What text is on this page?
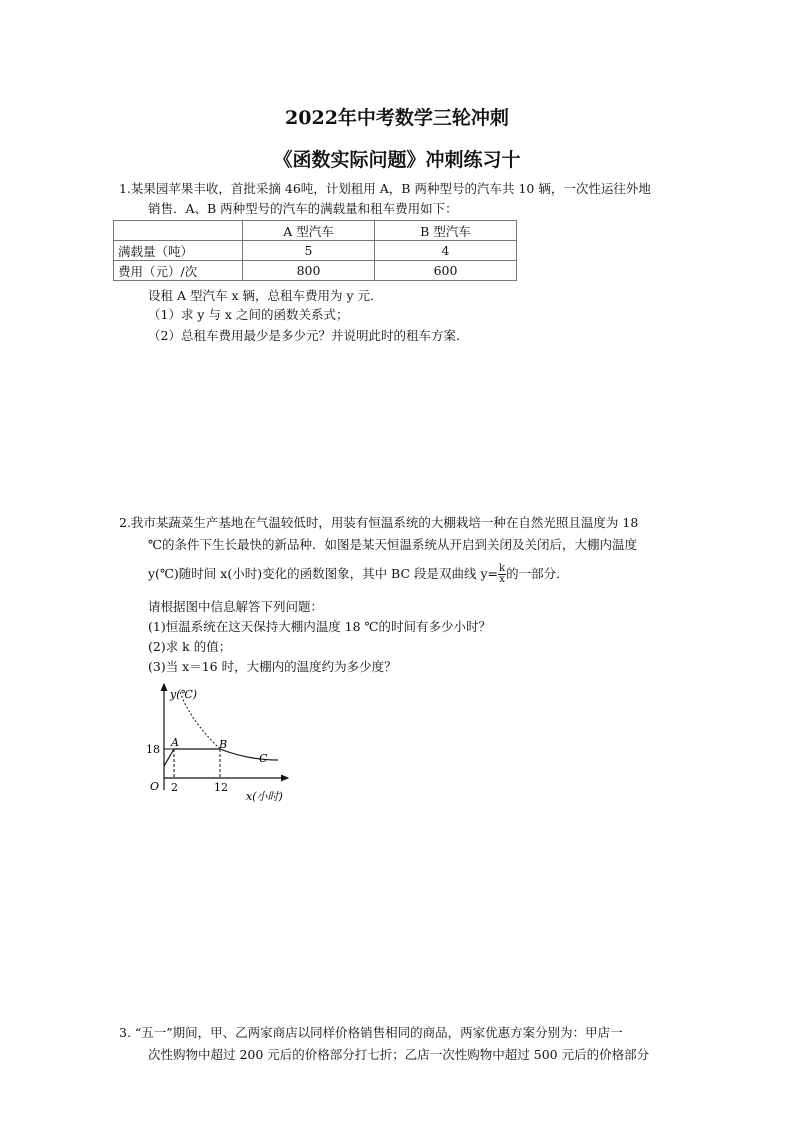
2022年中考数学三轮冲刺
《函数实际问题》冲刺练习十
1.某果园苹果丰收，首批采摘 46吨，计划租用 A，B 两种型号的汽车共 10 辆，一次性运往外地
销售．A、B 两种型号的汽车的满载量和租车费用如下：
	A 型汽车	B 型汽车
满载量（吨）	5	4
费用（元）/次	800	600
设租 A 型汽车 x 辆，总租车费用为 y 元．
（1）求 y 与 x 之间的函数关系式；
（2）总租车费用最少是多少元？并说明此时的租车方案．
2.我市某蔬菜生产基地在气温较低时，用装有恒温系统的大棚栽培一种在自然光照且温度为 18
℃的条件下生长最快的新品种．如图是某天恒温系统从开启到关闭及关闭后，大棚内温度
y(℃)随时间 x(小时)变化的函数图象，其中 BC 段是双曲线 $y= \frac{k}{x}$ 的一部分．
请根据图中信息解答下列问题：
(1)恒温系统在这天保持大棚内温度 18 ℃的时间有多少小时？
(2)求 k 的值；
(3)当 x＝16 时，大棚内的温度约为多少度？
y(℃)
18
A	B
C
O 2	12
x(小时)
3. “五一”期间，甲、乙两家商店以同样价格销售相同的商品，两家优惠方案分别为：甲店一
次性购物中超过 200 元后的价格部分打七折；乙店一次性购物中超过 500 元后的价格部分
